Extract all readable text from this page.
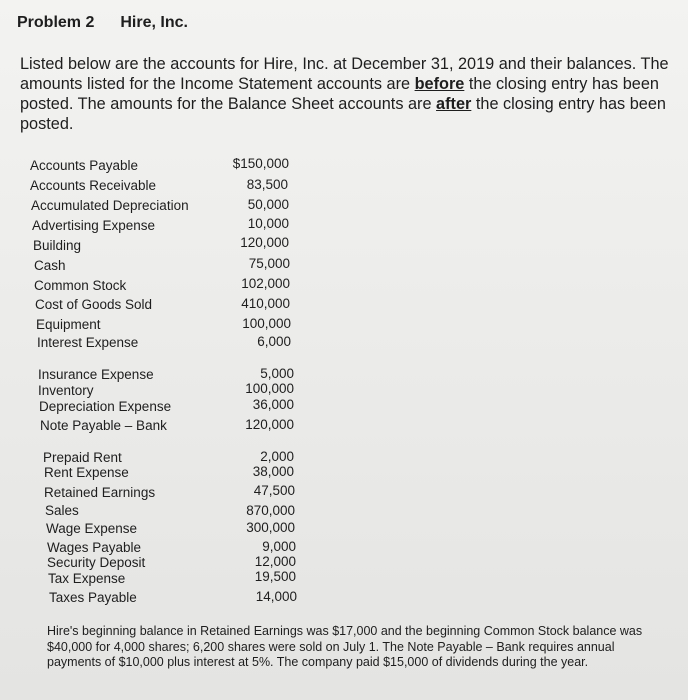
Problem 2 Hire, Inc.
Listed below are the accounts for Hire, Inc. at December 31, 2019 and their balances. The amounts listed for the Income Statement accounts are before the closing entry has been posted. The amounts for the Balance Sheet accounts are after the closing entry has been posted.
Accounts Payable	$150,000
Accounts Receivable	83,500
Accumulated Depreciation	50,000
Advertising Expense	10,000
Building	120,000
Cash	75,000
Common Stock	102,000
Cost of Goods Sold	410,000
Equipment	100,000
Interest Expense	6,000
Insurance Expense	5,000
Inventory	100,000
Depreciation Expense	36,000
Note Payable – Bank	120,000
Prepaid Rent	2,000
Rent Expense	38,000
Retained Earnings	47,500
Sales	870,000
Wage Expense	300,000
Wages Payable	9,000
Security Deposit	12,000
Tax Expense	19,500
Taxes Payable	14,000
Hire's beginning balance in Retained Earnings was $17,000 and the beginning Common Stock balance was $40,000 for 4,000 shares; 6,200 shares were sold on July 1. The Note Payable – Bank requires annual payments of $10,000 plus interest at 5%. The company paid $15,000 of dividends during the year.
